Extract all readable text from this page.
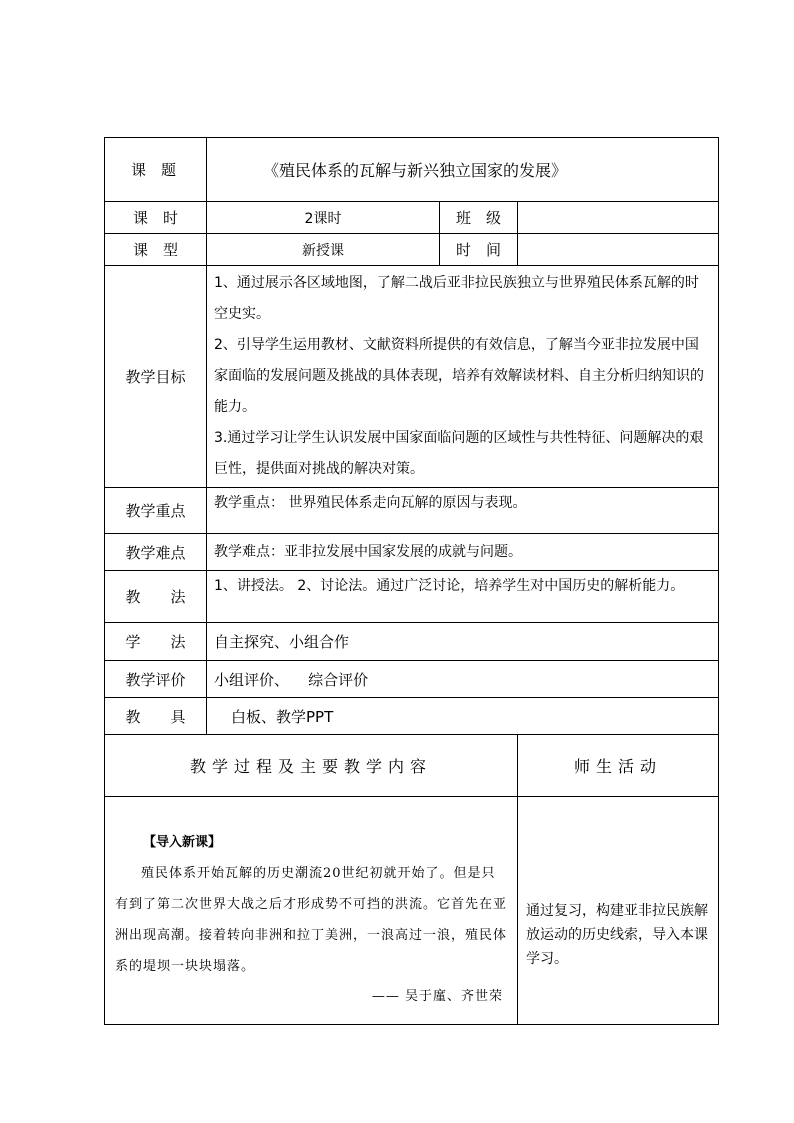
课　题	《殖民体系的瓦解与新兴独立国家的发展》		
课　时	2课时	班　级	
课　型	新授课	时　间	
教学目标	1、通过展示各区域地图，了解二战后亚非拉民族独立与世界殖民体系瓦解的时空史实。
2、引导学生运用教材、文献资料所提供的有效信息，了解当今亚非拉发展中国家面临的发展问题及挑战的具体表现，培养有效解读材料、自主分析归纳知识的能力。
3.通过学习让学生认识发展中国家面临问题的区域性与共性特征、问题解决的艰巨性，提供面对挑战的解决对策。		

教学重点	教学重点： 世界殖民体系走向瓦解的原因与表现。		
教学难点	教学难点：亚非拉发展中国家发展的成就与问题。		
教　　法	1、讲授法。 2、讨论法。通过广泛讨论，培养学生对中国历史的解析能力。		
学　　法	自主探究、小组合作		
教学评价	小组评价、    综合评价		
教　　具	白板、教学PPT		
教学过程及主要教学内容			师生活动

【导入新课】
殖民体系开始瓦解的历史潮流20世纪初就开始了。但是只有到了第二次世界大战之后才形成势不可挡的洪流。它首先在亚洲出现高潮。接着转向非洲和拉丁美洲，一浪高过一浪，殖民体系的堤坝一块块塌落。
—— 吴于廑、齐世荣			通过复习，构建亚非拉民族解放运动的历史线索，导入本课学习。
